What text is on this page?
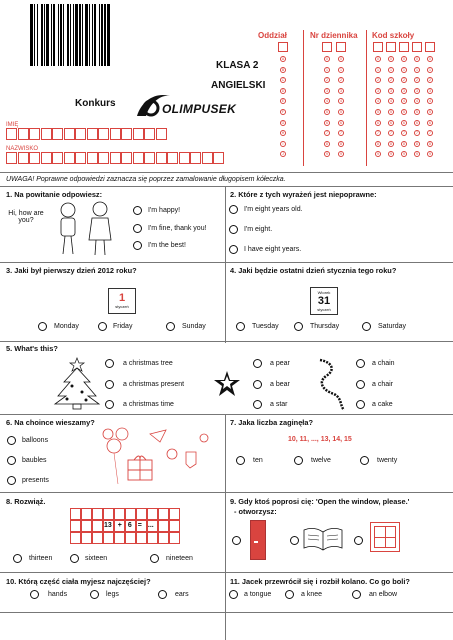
KLASA 2
ANGIELSKI
Konkurs	OLIMPUSEK
IMIĘ
NAZWISKO
Oddział	Nr dziennika Kod szkoły
A	0	0	0	0	0	0	0
B	1	1	1	1	1	1	1
C	2	2	2	2	2	2	2
D	3	3	3	3	3	3	3
E	4	4	4	4	4	4	4
F	5	5	5	5	5	5	5
G	6	6	6	6	6	6	6
H	7	7	7	7	7	7	7
I	8	8	8	8	8	8	8
J	9	9	9	9	9	9	9
UWAGA! Poprawne odpowiedzi zaznacza się poprzez zamalowanie długopisem kółeczka.
1. Na powitanie odpowiesz:
Hi, how are you?
I'm happy!
I'm fine, thank you!
I'm the best!
2. Które z tych wyrażeń jest niepoprawne:
I'm eight years old.
I'm eight.
I have eight years.
3. Jaki był pierwszy dzień 2012 roku?
1
styczeń
Monday	Friday	Sunday
4. Jaki będzie ostatni dzień stycznia tego roku?
Wtorek
31
styczeń
Tuesday	Thursday	Saturday
5. What's this?
a christmas tree
a christmas present
a christmas time
a pear
a bear
a star
a chain
a chair
a cake
6. Na choince wieszamy?
balloons
baubles
presents
7. Jaka liczba zaginęła?
10, 11, ..., 13, 14, 15
ten	twelve	twenty
8. Rozwiąż.
13 + 6 = ...
thirteen	sixteen	nineteen
9. Gdy ktoś poprosi cię: 'Open the window, please.'
- otworzysz:
10. Którą część ciała myjesz najczęściej?
hands	legs	ears
11. Jacek przewrócił się i rozbił kolano. Co go boli?
a tongue	a knee	an elbow
